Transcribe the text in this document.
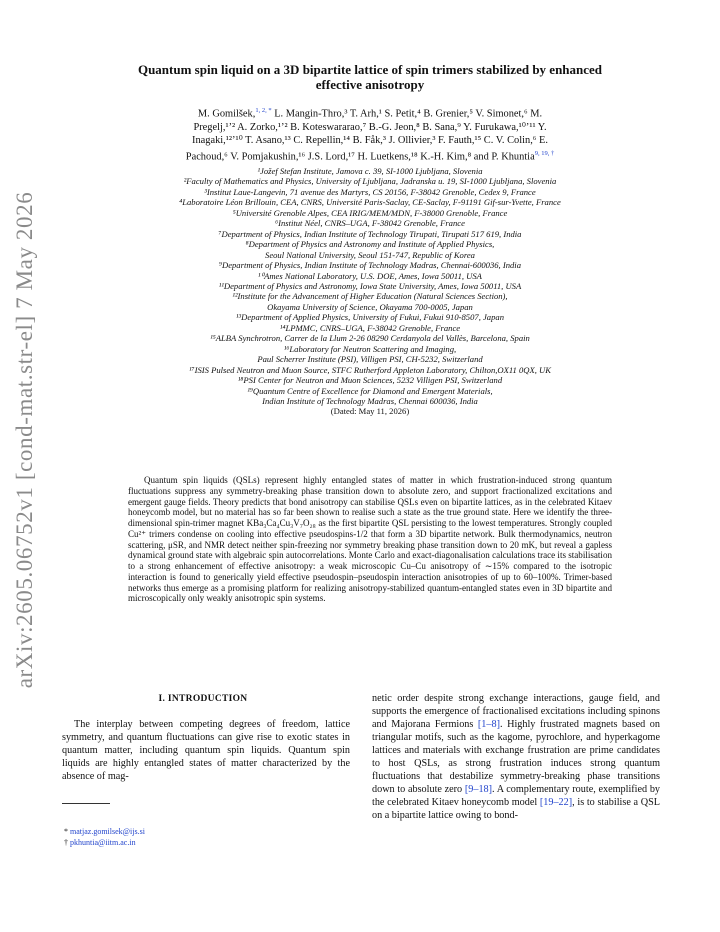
arXiv:2605.06752v1 [cond-mat.str-el] 7 May 2026
Quantum spin liquid on a 3D bipartite lattice of spin trimers stabilized by enhanced
effective anisotropy
M. Gomilšek,$^{1, 2, *}$ L. Mangin-Thro,³ T. Arh,¹ S. Petit,⁴ B. Grenier,⁵ V. Simonet,⁶ M.
Pregelj,¹ʼ² A. Zorko,¹ʼ² B. Koteswararao,⁷ B.-G. Jeon,⁸ B. Sana,⁹ Y. Furukawa,¹⁰ʼ¹¹ Y.
Inagaki,¹²ʼ¹⁰ T. Asano,¹³ C. Repellin,¹⁴ B. Fåk,³ J. Ollivier,³ F. Fauth,¹⁵ C. V. Colin,⁶ E.
Pachoud,⁶ V. Pomjakushin,¹⁶ J.S. Lord,¹⁷ H. Luetkens,¹⁸ K.-H. Kim,⁸ and P. Khuntia$^{9, 19, \dagger}$
¹Jožef Stefan Institute, Jamova c. 39, SI-1000 Ljubljana, Slovenia
²Faculty of Mathematics and Physics, University of Ljubljana, Jadranska u. 19, SI-1000 Ljubljana, Slovenia
³Institut Laue-Langevin, 71 avenue des Martyrs, CS 20156, F-38042 Grenoble, Cedex 9, France
⁴Laboratoire Léon Brillouin, CEA, CNRS, Université Paris-Saclay, CE-Saclay, F-91191 Gif-sur-Yvette, France
⁵Université Grenoble Alpes, CEA IRIG/MEM/MDN, F-38000 Grenoble, France
⁶Institut Néel, CNRS–UGA, F-38042 Grenoble, France
⁷Department of Physics, Indian Institute of Technology Tirupati, Tirupati 517 619, India
⁸Department of Physics and Astronomy and Institute of Applied Physics,
Seoul National University, Seoul 151-747, Republic of Korea
⁹Department of Physics, Indian Institute of Technology Madras, Chennai-600036, India
¹⁰Ames National Laboratory, U.S. DOE, Ames, Iowa 50011, USA
¹¹Department of Physics and Astronomy, Iowa State University, Ames, Iowa 50011, USA
¹²Institute for the Advancement of Higher Education (Natural Sciences Section),
Okayama University of Science, Okayama 700-0005, Japan
¹³Department of Applied Physics, University of Fukui, Fukui 910-8507, Japan
¹⁴LPMMC, CNRS–UGA, F-38042 Grenoble, France
¹⁵ALBA Synchrotron, Carrer de la Llum 2-26 08290 Cerdanyola del Vallès, Barcelona, Spain
¹⁶Laboratory for Neutron Scattering and Imaging,
Paul Scherrer Institute (PSI), Villigen PSI, CH-5232, Switzerland
¹⁷ISIS Pulsed Neutron and Muon Source, STFC Rutherford Appleton Laboratory, Chilton,OX11 0QX, UK
¹⁸PSI Center for Neutron and Muon Sciences, 5232 Villigen PSI, Switzerland
¹⁹Quantum Centre of Excellence for Diamond and Emergent Materials,
Indian Institute of Technology Madras, Chennai 600036, India
(Dated: May 11, 2026)
Quantum spin liquids (QSLs) represent highly entangled states of matter in which frustration-induced strong quantum fluctuations suppress any symmetry-breaking phase transition down to absolute zero, and support fractionalized excitations and emergent gauge fields. Theory predicts that bond anisotropy can stabilise QSLs even on bipartite lattices, as in the celebrated Kitaev honeycomb model, but no material has so far been shown to realise such a state as the true ground state. Here we identify the three-dimensional spin-trimer magnet KBa₃Ca₄Cu₃V₇O₂₈ as the first bipartite QSL persisting to the lowest temperatures. Strongly coupled Cu²⁺ trimers condense on cooling into effective pseudospins-1/2 that form a 3D bipartite network. Bulk thermodynamics, neutron scattering, μSR, and NMR detect neither spin-freezing nor symmetry breaking phase transition down to 20 mK, but reveal a gapless dynamical ground state with algebraic spin autocorrelations. Monte Carlo and exact-diagonalisation calculations trace its stabilisation to a strong enhancement of effective anisotropy: a weak microscopic Cu–Cu anisotropy of ∼15% compared to the isotropic interaction is found to generically yield effective pseudospin–pseudospin interaction anisotropies of up to 60–100%. Trimer-based networks thus emerge as a promising platform for realizing anisotropy-stabilized quantum-entangled states even in 3D bipartite and microscopically only weakly anisotropic spin systems.
I. INTRODUCTION
The interplay between competing degrees of freedom, lattice symmetry, and quantum fluctuations can give rise to exotic states in quantum matter, including quantum spin liquids. Quantum spin liquids are highly entangled states of matter characterized by the absence of mag-
netic order despite strong exchange interactions, gauge field, and supports the emergence of fractionalised excitations including spinons and Majorana Fermions [1–8]. Highly frustrated magnets based on triangular motifs, such as the kagome, pyrochlore, and hyperkagome lattices and materials with exchange frustration are prime candidates to host QSLs, as strong frustration induces strong quantum fluctuations that destabilize symmetry-breaking phase transitions down to absolute zero [9–18]. A complementary route, exemplified by the celebrated Kitaev honeycomb model [19–22], is to stabilise a QSL on a bipartite lattice owing to bond-
* matjaz.gomilsek@ijs.si
† pkhuntia@iitm.ac.in
